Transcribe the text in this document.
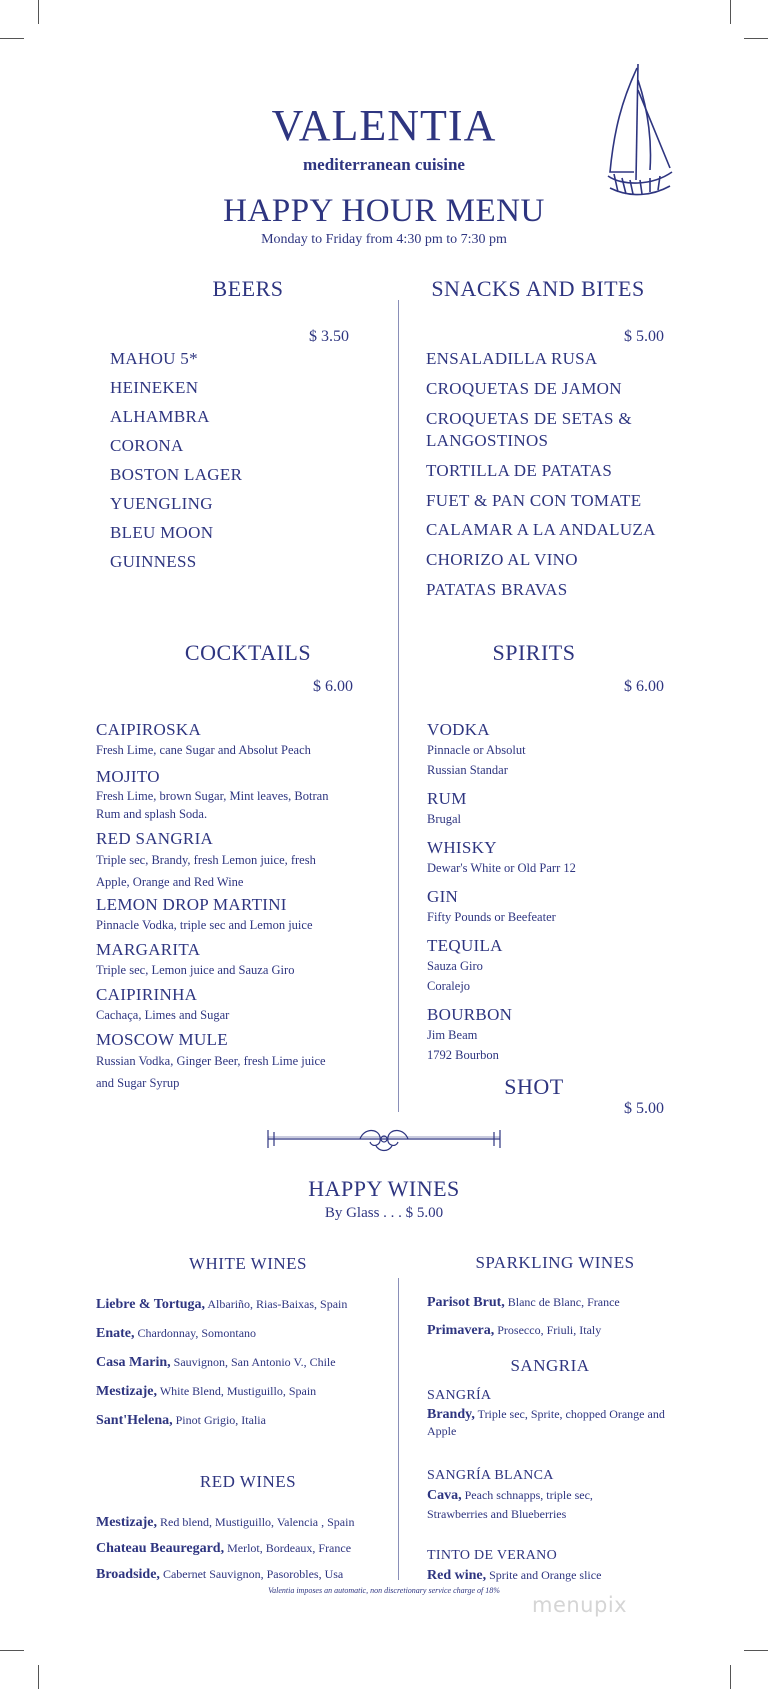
VALENTIA
mediterranean cuisine
HAPPY HOUR MENU
Monday to Friday from 4:30 pm to 7:30 pm
BEERS
$ 3.50
MAHOU 5*
HEINEKEN
ALHAMBRA
CORONA
BOSTON LAGER
YUENGLING
BLEU MOON
GUINNESS
SNACKS AND BITES
$ 5.00
ENSALADILLA RUSA
CROQUETAS DE JAMON
CROQUETAS DE SETAS &
LANGOSTINOS
TORTILLA DE PATATAS
FUET & PAN CON TOMATE
CALAMAR A LA ANDALUZA
CHORIZO AL VINO
PATATAS BRAVAS
COCKTAILS
$ 6.00
CAIPIROSKA
Fresh Lime, cane Sugar and Absolut Peach
MOJITO
Fresh Lime, brown Sugar, Mint leaves, Botran
Rum and splash Soda.
RED SANGRIA
Triple sec, Brandy, fresh Lemon juice, fresh
Apple, Orange and Red Wine
LEMON DROP MARTINI
Pinnacle Vodka, triple sec and Lemon juice
MARGARITA
Triple sec, Lemon juice and Sauza Giro
CAIPIRINHA
Cachaça, Limes and Sugar
MOSCOW MULE
Russian Vodka, Ginger Beer, fresh Lime juice
and Sugar Syrup
SPIRITS
$ 6.00
VODKA
Pinnacle or Absolut
Russian Standar
RUM
Brugal
WHISKY
Dewar's White or Old Parr 12
GIN
Fifty Pounds or Beefeater
TEQUILA
Sauza Giro
Coralejo
BOURBON
Jim Beam
1792 Bourbon
SHOT
$ 5.00
HAPPY WINES
By Glass . . . $ 5.00
WHITE WINES
Liebre & Tortuga, Albariño, Rias-Baixas, Spain
Enate, Chardonnay, Somontano
Casa Marin, Sauvignon, San Antonio V., Chile
Mestizaje, White Blend, Mustiguillo, Spain
Sant'Helena, Pinot Grigio, Italia
RED WINES
Mestizaje, Red blend, Mustiguillo, Valencia , Spain
Chateau Beauregard, Merlot, Bordeaux, France
Broadside, Cabernet Sauvignon, Pasorobles, Usa
SPARKLING WINES
Parisot Brut, Blanc de Blanc, France
Primavera, Prosecco, Friuli, Italy
SANGRIA
SANGRÍA
Brandy, Triple sec, Sprite, chopped Orange and
Apple
SANGRÍA BLANCA
Cava, Peach schnapps, triple sec,
Strawberries and Blueberries
TINTO DE VERANO
Red wine, Sprite and Orange slice
Valentia imposes an automatic, non discretionary service charge of 18%
menupix
